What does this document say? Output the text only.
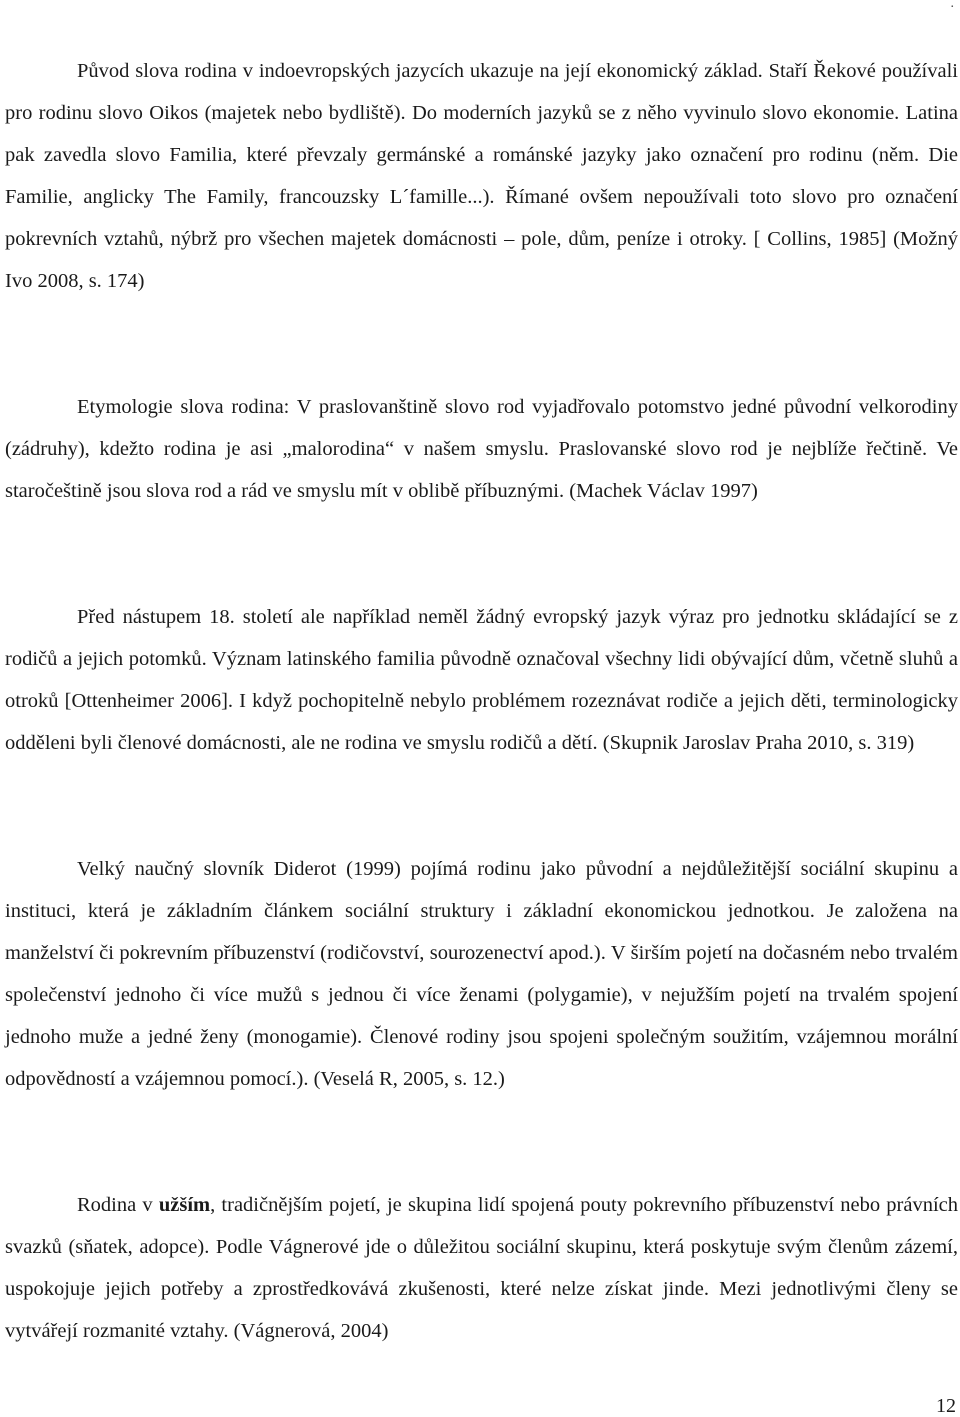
.

Původ slova rodina v indoevropských jazycích ukazuje na její ekonomický základ. Staří Řekové používali pro rodinu slovo Oikos (majetek nebo bydliště). Do moderních jazyků se z něho vyvinulo slovo ekonomie. Latina pak zavedla slovo Familia, které převzaly germánské a románské jazyky jako označení pro rodinu (něm. Die Familie, anglicky The Family, francouzsky L´famille...). Římané ovšem nepoužívali toto slovo pro označení pokrevních vztahů, nýbrž pro všechen majetek domácnosti – pole, dům, peníze i otroky. [ Collins, 1985] (Možný Ivo 2008, s. 174)

Etymologie slova rodina: V praslovanštině slovo rod vyjadřovalo potomstvo jedné původní velkorodiny (zádruhy), kdežto rodina je asi „malorodina“ v našem smyslu. Praslovanské slovo rod je nejblíže řečtině. Ve staročeštině jsou slova rod a rád ve smyslu mít v oblibě příbuznými. (Machek Václav 1997)

Před nástupem 18. století ale například neměl žádný evropský jazyk výraz pro jednotku skládající se z rodičů a jejich potomků. Význam latinského familia původně označoval všechny lidi obývající dům, včetně sluhů a otroků [Ottenheimer 2006]. I když pochopitelně nebylo problémem rozeznávat rodiče a jejich děti, terminologicky odděleni byli členové domácnosti, ale ne rodina ve smyslu rodičů a dětí. (Skupnik Jaroslav Praha 2010, s. 319)

Velký naučný slovník Diderot (1999) pojímá rodinu jako původní a nejdůležitější sociální skupinu a instituci, která je základním článkem sociální struktury i základní ekonomickou jednotkou. Je založena na manželství či pokrevním příbuzenství (rodičovství, sourozenectví apod.). V širším pojetí na dočasném nebo trvalém společenství jednoho či více mužů s jednou či více ženami (polygamie), v nejužším pojetí na trvalém spojení jednoho muže a jedné ženy (monogamie). Členové rodiny jsou spojeni společným soužitím, vzájemnou morální odpovědností a vzájemnou pomocí.). (Veselá R, 2005, s. 12.)

Rodina v užším, tradičnějším pojetí, je skupina lidí spojená pouty pokrevního příbuzenství nebo právních svazků (sňatek, adopce). Podle Vágnerové jde o důležitou sociální skupinu, která poskytuje svým členům zázemí, uspokojuje jejich potřeby a zprostředkovává zkušenosti, které nelze získat jinde. Mezi jednotlivými členy se vytvářejí rozmanité vztahy. (Vágnerová, 2004)

12
